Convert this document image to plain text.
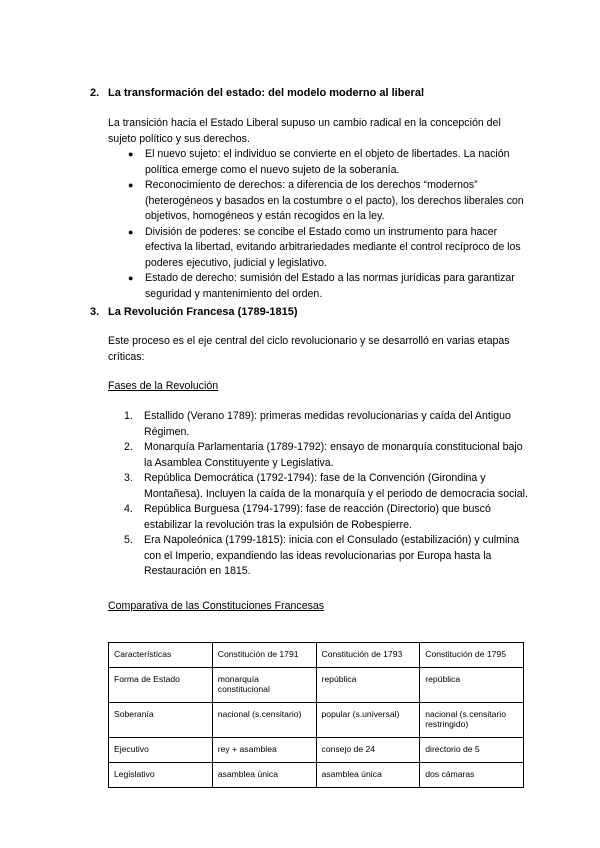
2. La transformación del estado: del modelo moderno al liberal
La transición hacia el Estado Liberal supuso un cambio radical en la concepción del sujeto político y sus derechos.
● El nuevo sujeto: el individuo se convierte en el objeto de libertades. La nación política emerge como el nuevo sujeto de la soberanía.
● Reconocimiento de derechos: a diferencia de los derechos “modernos” (heterogéneos y basados en la costumbre o el pacto), los derechos liberales con objetivos, homogéneos y están recogidos en la ley.
● División de poderes: se concibe el Estado como un instrumento para hacer efectiva la libertad, evitando arbitrariedades mediante el control recíproco de los poderes ejecutivo, judicial y legislativo.
● Estado de derecho: sumisión del Estado a las normas jurídicas para garantizar seguridad y mantenimiento del orden.
3. La Revolución Francesa (1789-1815)
Este proceso es el eje central del ciclo revolucionario y se desarrolló en varias etapas críticas:
Fases de la Revolución
1. Estallido (Verano 1789): primeras medidas revolucionarias y caída del Antiguo Régimen.
2. Monarquía Parlamentaria (1789-1792): ensayo de monarquía constitucional bajo la Asamblea Constituyente y Legislativa.
3. República Democrática (1792-1794): fase de la Convención (Girondina y Montañesa). Incluyen la caída de la monarquía y el periodo de democracia social.
4. República Burguesa (1794-1799): fase de reacción (Directorio) que buscó estabilizar la revolución tras la expulsión de Robespierre.
5. Era Napoleónica (1799-1815): inicia con el Consulado (estabilización) y culmina con el Imperio, expandiendo las ideas revolucionarias por Europa hasta la Restauración en 1815.
Comparativa de las Constituciones Francesas
Características	Constitución de 1791	Constitución de 1793	Constitución de 1795
Forma de Estado	monarquía constitucional	república	república
Soberanía	nacional (s.censitario)	popular (s.universal)	nacional (s.censitario restringido)
Ejecutivo	rey + asamblea	consejo de 24	directorio de 5
Legislativo	asamblea única	asamblea única	dos cámaras
